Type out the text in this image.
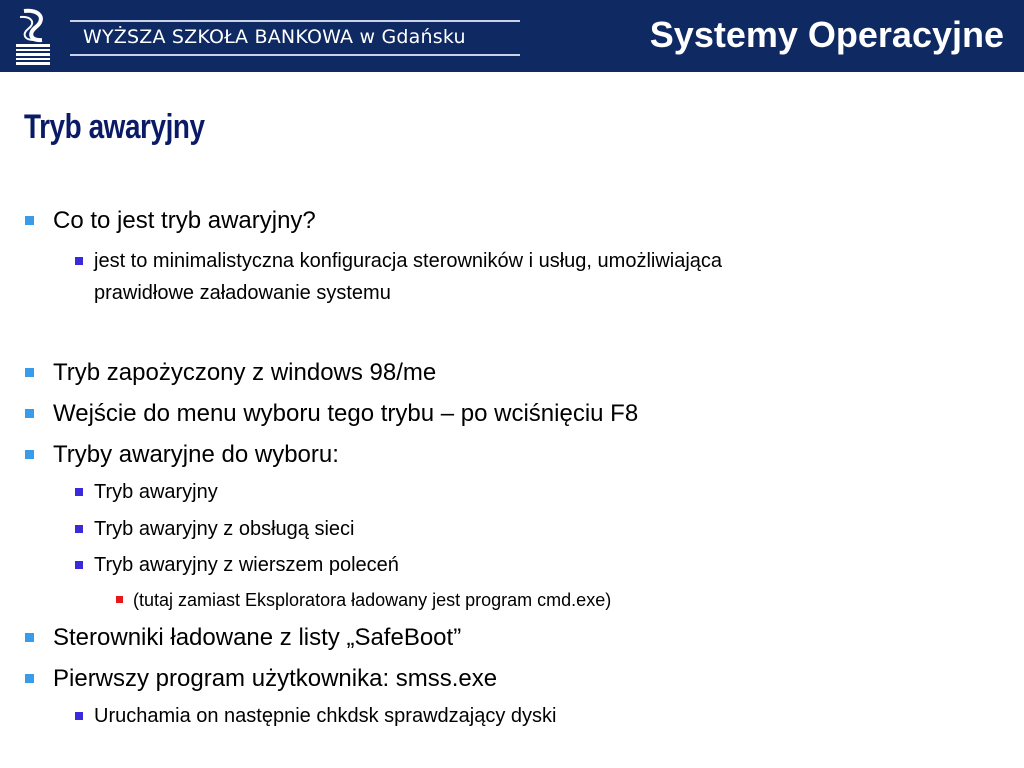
WYŻSZA SZKOŁA BANKOWA w Gdańsku	Systemy Operacyjne
Tryb awaryjny
Co to jest tryb awaryjny?
jest to minimalistyczna konfiguracja sterowników i usług, umożliwiająca
prawidłowe załadowanie systemu
Tryb zapożyczony z windows 98/me
Wejście do menu wyboru tego trybu – po wciśnięciu F8
Tryby awaryjne do wyboru:
Tryb awaryjny
Tryb awaryjny z obsługą sieci
Tryb awaryjny z wierszem poleceń
(tutaj zamiast Eksploratora ładowany jest program cmd.exe)
Sterowniki ładowane z listy „SafeBoot”
Pierwszy program użytkownika: smss.exe
Uruchamia on następnie chkdsk sprawdzający dyski
